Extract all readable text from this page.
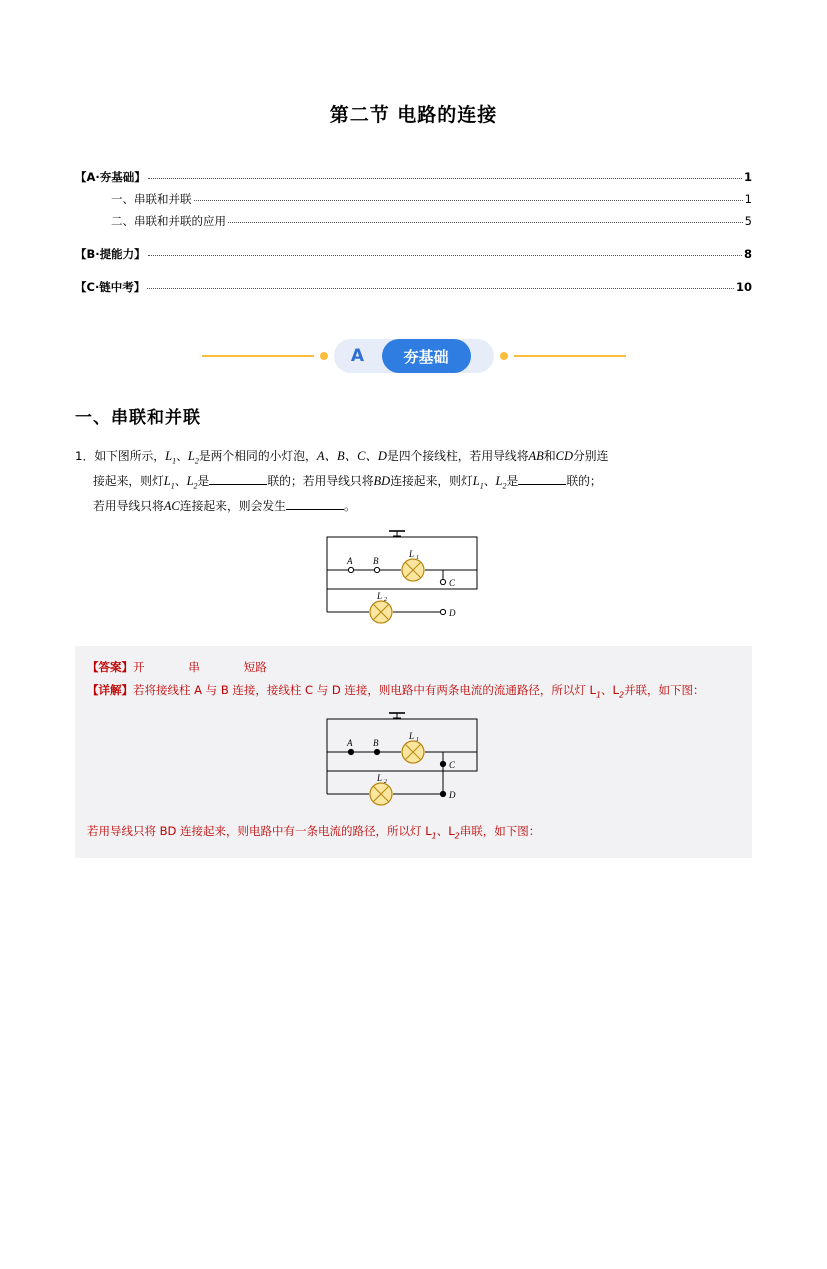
第二节 电路的连接
【A·夯基础】	1
一、串联和并联	1
二、串联和并联的应用	5
【B·提能力】	8
【C·链中考】	10
A	夯基础
一、串联和并联
1．如下图所示，$L_1$、$L_2$是两个相同的小灯泡，A、B、C、D是四个接线柱，若用导线将AB和CD分别连
接起来，则灯$L_1$、$L_2$是	联的；若用导线只将BD连接起来，则灯$L_1$、$L_2$是	联的；
若用导线只将AC连接起来，则会发生	。
L 1
A B
C
L 2
D
【答案】开            串            短路
【详解】若将接线柱 A 与 B 连接，接线柱 C 与 D 连接，则电路中有两条电流的流通路径，所以灯 $L_1$、$L_2$并联，如下图：
L 1
A B
C
L 2
D
若用导线只将 BD 连接起来，则电路中有一条电流的路径，所以灯 $L_1$、$L_2$串联，如下图：
